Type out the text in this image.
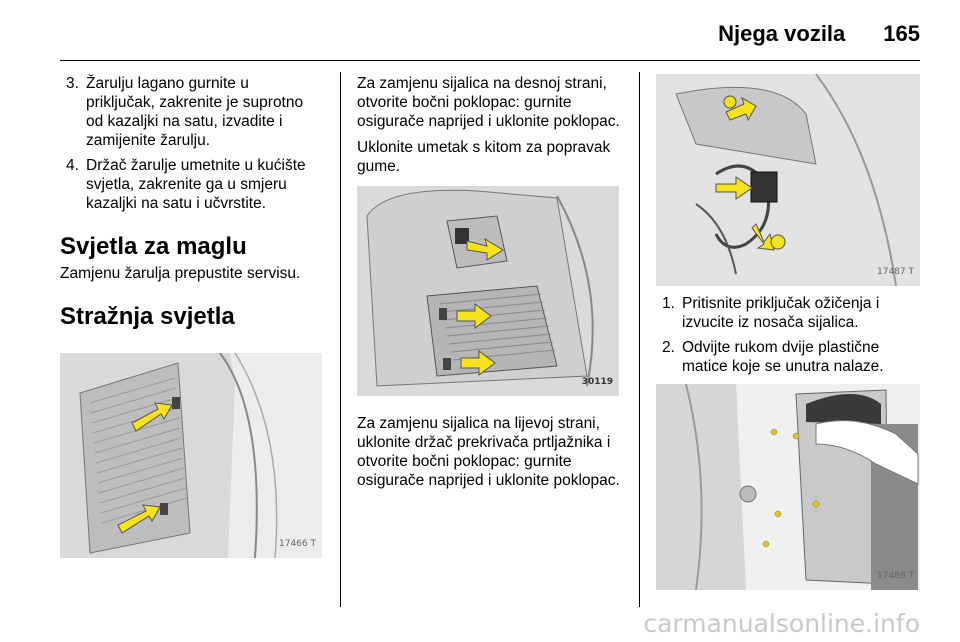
Njega vozila 165
3. Žarulju lagano gurnite u priključak, zakrenite je suprotno od kazaljki na satu, izvadite i zamijenite žarulju.
4. Držač žarulje umetnite u kućište svjetla, zakrenite ga u smjeru kazaljki na satu i učvrstite.
Svjetla za maglu

Zamjenu žarulja prepustite servisu.

Stražnja svjetla
17466 T

Za zamjenu sijalica na desnoj strani, otvorite bočni poklopac: gurnite osigurače naprijed i uklonite poklopac.

Uklonite umetak s kitom za popravak gume.

30119

Za zamjenu sijalica na lijevoj strani, uklonite držač prekrivača prtljažnika i otvorite bočni poklopac: gurnite osigurače naprijed i uklonite poklopac.

17487 T
1. Pritisnite priključak ožičenja i izvucite iz nosača sijalica.
2. Odvijte rukom dvije plastične matice koje se unutra nalaze.
17488 T
carmanualsonline.info
